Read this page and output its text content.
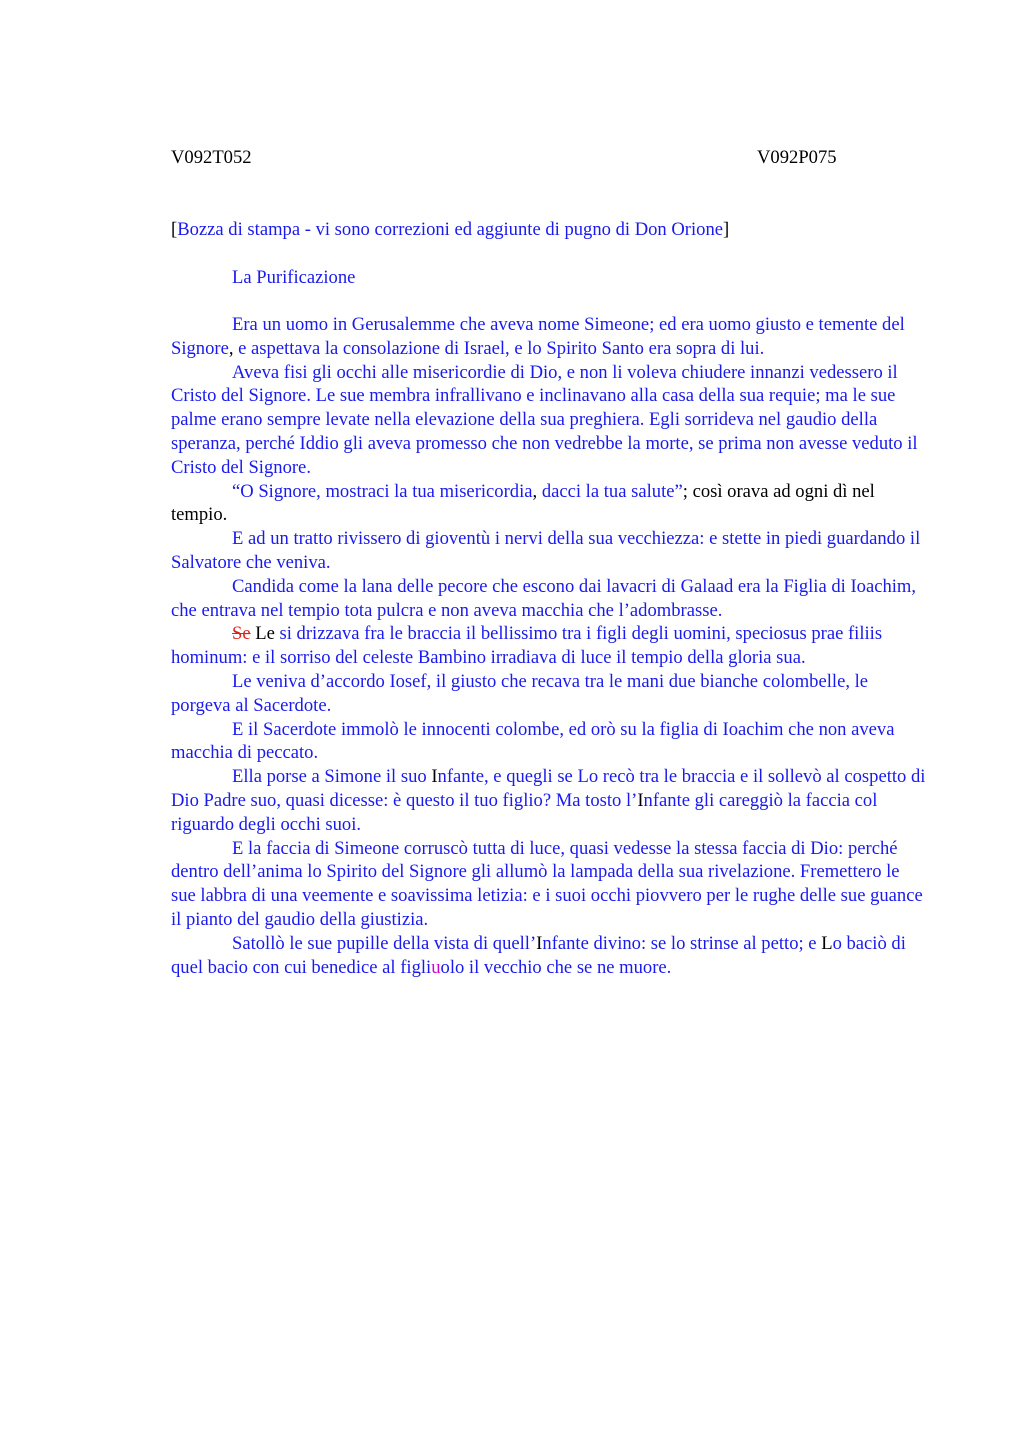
V092T052	V092P075
[Bozza di stampa - vi sono correzioni ed aggiunte di pugno di Don Orione]
La Purificazione

Era un uomo in Gerusalemme che aveva nome Simeone; ed era uomo giusto e temente del Signore, e aspettava la consolazione di Israel, e lo Spirito Santo era sopra di lui.

Aveva fisi gli occhi alle misericordie di Dio, e non li voleva chiudere innanzi vedessero il Cristo del Signore. Le sue membra infrallivano e inclinavano alla casa della sua requie; ma le sue palme erano sempre levate nella elevazione della sua preghiera. Egli sorrideva nel gaudio della speranza, perché Iddio gli aveva promesso che non vedrebbe la morte, se prima non avesse veduto il Cristo del Signore.

“O Signore, mostraci la tua misericordia, dacci la tua salute”; così orava ad ogni dì nel tempio.

E ad un tratto rivissero di gioventù i nervi della sua vecchiezza: e stette in piedi guardando il Salvatore che veniva.

Candida come la lana delle pecore che escono dai lavacri di Galaad era la Figlia di Ioachim, che entrava nel tempio tota pulcra e non aveva macchia che l’adombrasse.

Se Le si drizzava fra le braccia il bellissimo tra i figli degli uomini, speciosus prae filiis hominum: e il sorriso del celeste Bambino irradiava di luce il tempio della gloria sua.

Le veniva d’accordo Iosef, il giusto che recava tra le mani due bianche colombelle, le porgeva al Sacerdote.

E il Sacerdote immolò le innocenti colombe, ed orò su la figlia di Ioachim che non aveva macchia di peccato.

Ella porse a Simone il suo Infante, e quegli se Lo recò tra le braccia e il sollevò al cospetto di Dio Padre suo, quasi dicesse: è questo il tuo figlio? Ma tosto l’Infante gli careggiò la faccia col riguardo degli occhi suoi.

E la faccia di Simeone corruscò tutta di luce, quasi vedesse la stessa faccia di Dio: perché dentro dell’anima lo Spirito del Signore gli allumò la lampada della sua rivelazione. Fremettero le sue labbra di una veemente e soavissima letizia: e i suoi occhi piovvero per le rughe delle sue guance il pianto del gaudio della giustizia.

Satollò le sue pupille della vista di quell’Infante divino: se lo strinse al petto; e Lo baciò di quel bacio con cui benedice al figliuolo il vecchio che se ne muore.
